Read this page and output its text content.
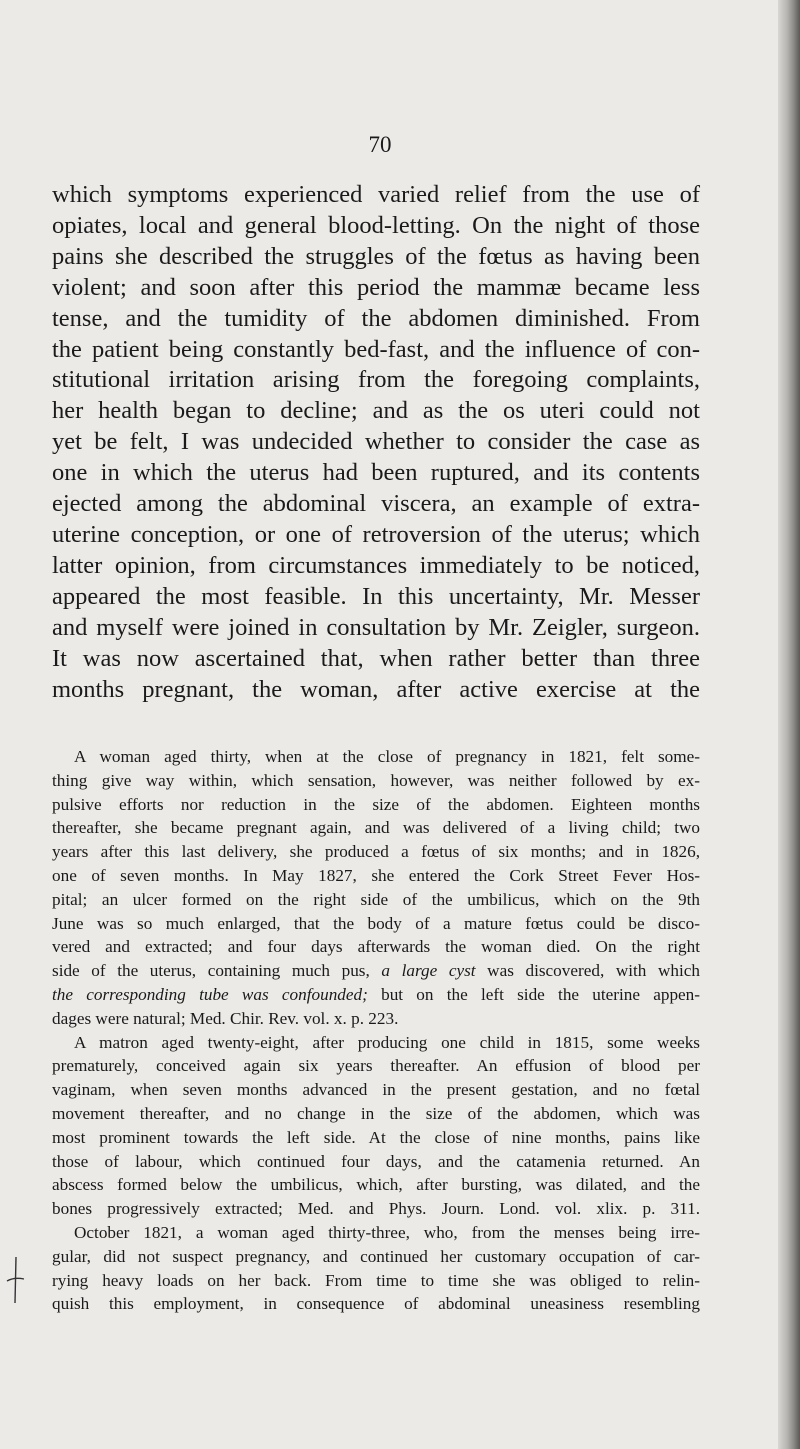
70
which symptoms experienced varied relief from the use of
opiates, local and general blood-letting. On the night of those
pains she described the struggles of the fœtus as having been
violent; and soon after this period the mammæ became less
tense, and the tumidity of the abdomen diminished. From
the patient being constantly bed-fast, and the influence of con-
stitutional irritation arising from the foregoing complaints,
her health began to decline; and as the os uteri could not
yet be felt, I was undecided whether to consider the case as
one in which the uterus had been ruptured, and its contents
ejected among the abdominal viscera, an example of extra-
uterine conception, or one of retroversion of the uterus; which
latter opinion, from circumstances immediately to be noticed,
appeared the most feasible. In this uncertainty, Mr. Messer
and myself were joined in consultation by Mr. Zeigler, surgeon.
It was now ascertained that, when rather better than three
months pregnant, the woman, after active exercise at the
A woman aged thirty, when at the close of pregnancy in 1821, felt some-
thing give way within, which sensation, however, was neither followed by ex-
pulsive efforts nor reduction in the size of the abdomen. Eighteen months
thereafter, she became pregnant again, and was delivered of a living child; two
years after this last delivery, she produced a fœtus of six months; and in 1826,
one of seven months. In May 1827, she entered the Cork Street Fever Hos-
pital; an ulcer formed on the right side of the umbilicus, which on the 9th
June was so much enlarged, that the body of a mature fœtus could be disco-
vered and extracted; and four days afterwards the woman died. On the right
side of the uterus, containing much pus, a large cyst was discovered, with which
the corresponding tube was confounded; but on the left side the uterine appen-
dages were natural; Med. Chir. Rev. vol. x. p. 223.
A matron aged twenty-eight, after producing one child in 1815, some weeks
prematurely, conceived again six years thereafter. An effusion of blood per
vaginam, when seven months advanced in the present gestation, and no fœtal
movement thereafter, and no change in the size of the abdomen, which was
most prominent towards the left side. At the close of nine months, pains like
those of labour, which continued four days, and the catamenia returned. An
abscess formed below the umbilicus, which, after bursting, was dilated, and the
bones progressively extracted; Med. and Phys. Journ. Lond. vol. xlix. p. 311.
October 1821, a woman aged thirty-three, who, from the menses being irre-
gular, did not suspect pregnancy, and continued her customary occupation of car-
rying heavy loads on her back. From time to time she was obliged to relin-
quish this employment, in consequence of abdominal uneasiness resembling
